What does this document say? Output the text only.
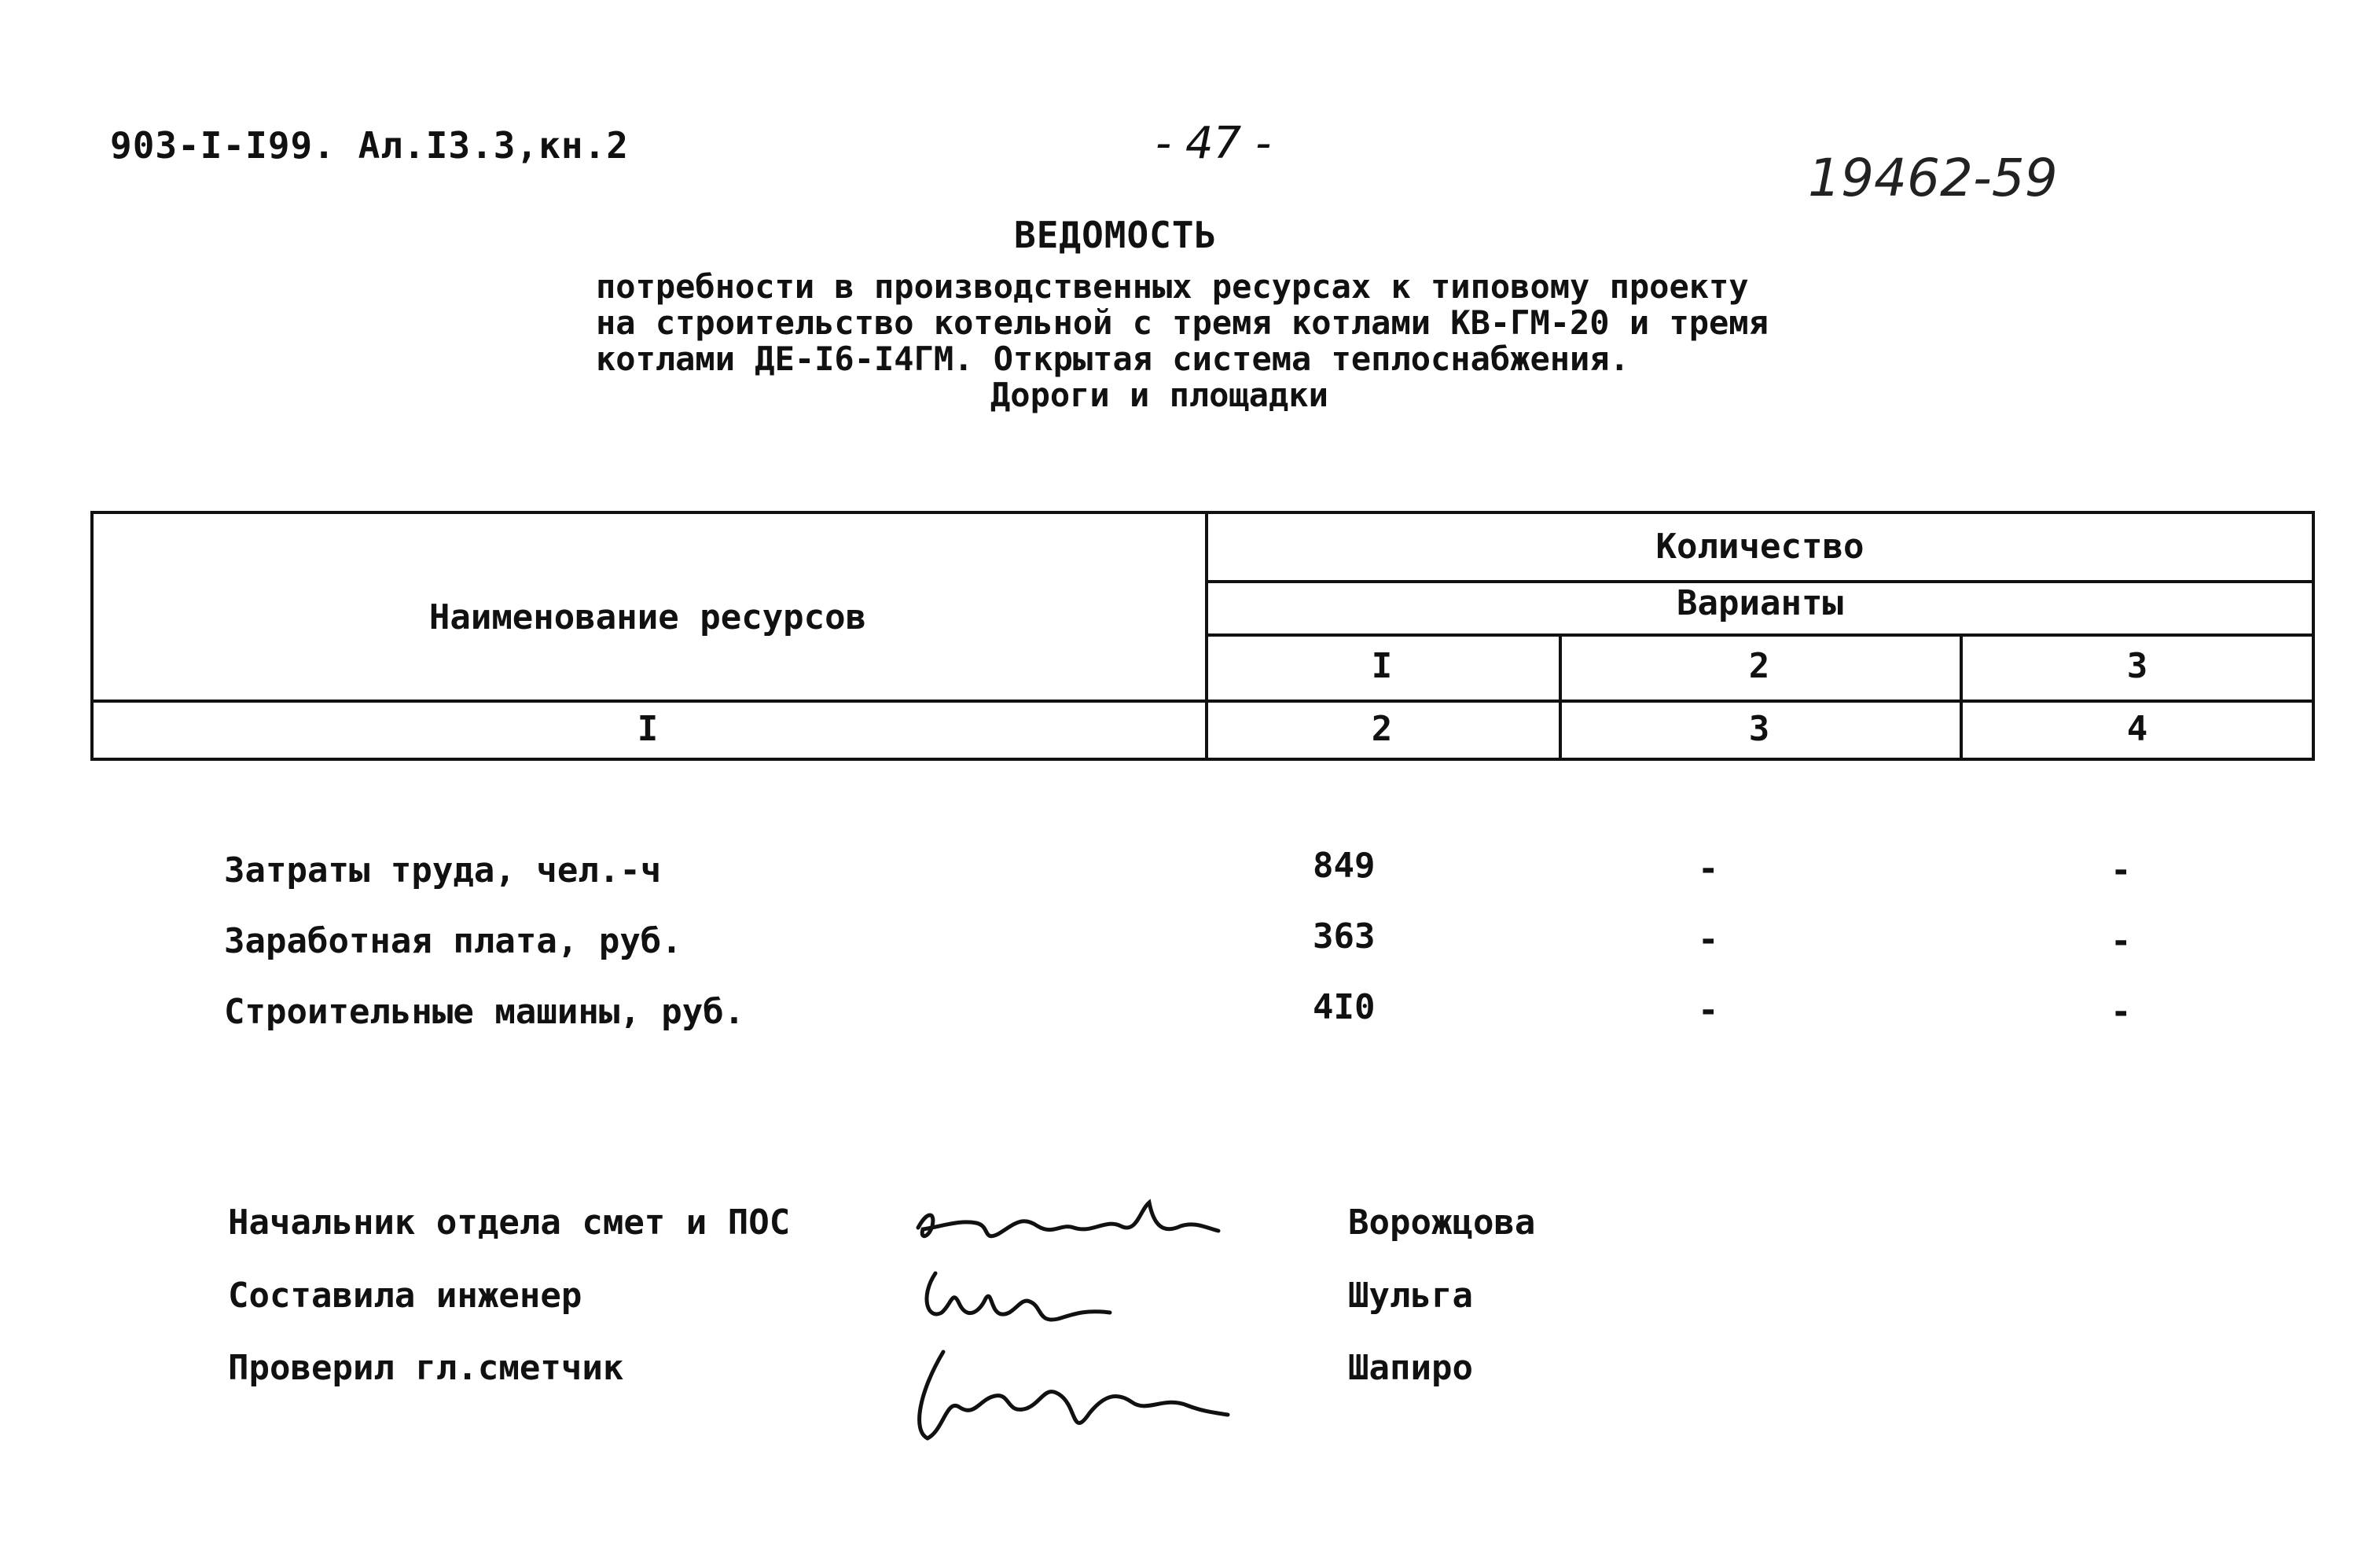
903-I-I99. Ал.I3.3,кн.2	- 47 -
19462-59
ВЕДОМОСТЬ
потребности в производственных ресурсах к типовому проекту
на строительство котельной с тремя котлами КВ-ГМ-20 и тремя
котлами ДЕ-I6-I4ГМ. Открытая система теплоснабжения.
Дороги и площадки
Наименование ресурсов
Количество
Варианты
I	2	3
I	2	3	4
Затраты труда, чел.-ч	849	-	-
Заработная плата, руб.	363	-	-
Строительные машины, руб.	4I0	-	-
Начальник отдела смет и ПОС	Ворожцова
Составила инженер	Шульга
Проверил гл.сметчик	Шапиро
